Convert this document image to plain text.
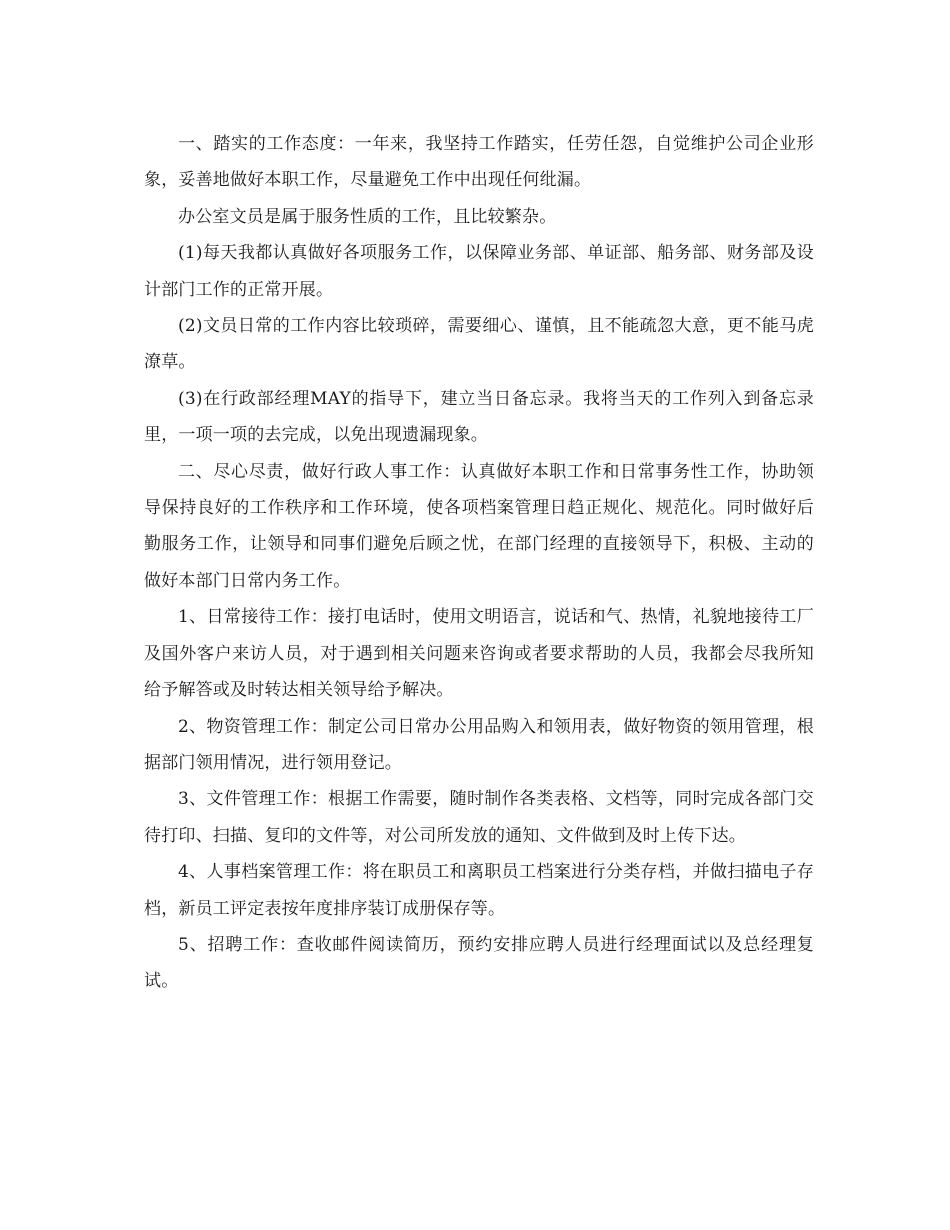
一、踏实的工作态度：一年来，我坚持工作踏实，任劳任怨，自觉维护公司企业形象，妥善地做好本职工作，尽量避免工作中出现任何纰漏。

办公室文员是属于服务性质的工作，且比较繁杂。

(1)每天我都认真做好各项服务工作，以保障业务部、单证部、船务部、财务部及设计部门工作的正常开展。

(2)文员日常的工作内容比较琐碎，需要细心、谨慎，且不能疏忽大意，更不能马虎潦草。

(3)在行政部经理MAY的指导下，建立当日备忘录。我将当天的工作列入到备忘录里，一项一项的去完成，以免出现遗漏现象。

二、尽心尽责，做好行政人事工作：认真做好本职工作和日常事务性工作，协助领导保持良好的工作秩序和工作环境，使各项档案管理日趋正规化、规范化。同时做好后勤服务工作，让领导和同事们避免后顾之忧，在部门经理的直接领导下，积极、主动的做好本部门日常内务工作。

1、日常接待工作：接打电话时，使用文明语言，说话和气、热情，礼貌地接待工厂及国外客户来访人员，对于遇到相关问题来咨询或者要求帮助的人员，我都会尽我所知给予解答或及时转达相关领导给予解决。

2、物资管理工作：制定公司日常办公用品购入和领用表，做好物资的领用管理，根据部门领用情况，进行领用登记。

3、文件管理工作：根据工作需要，随时制作各类表格、文档等，同时完成各部门交待打印、扫描、复印的文件等，对公司所发放的通知、文件做到及时上传下达。

4、人事档案管理工作：将在职员工和离职员工档案进行分类存档，并做扫描电子存档，新员工评定表按年度排序装订成册保存等。

5、招聘工作：查收邮件阅读简历，预约安排应聘人员进行经理面试以及总经理复试。
